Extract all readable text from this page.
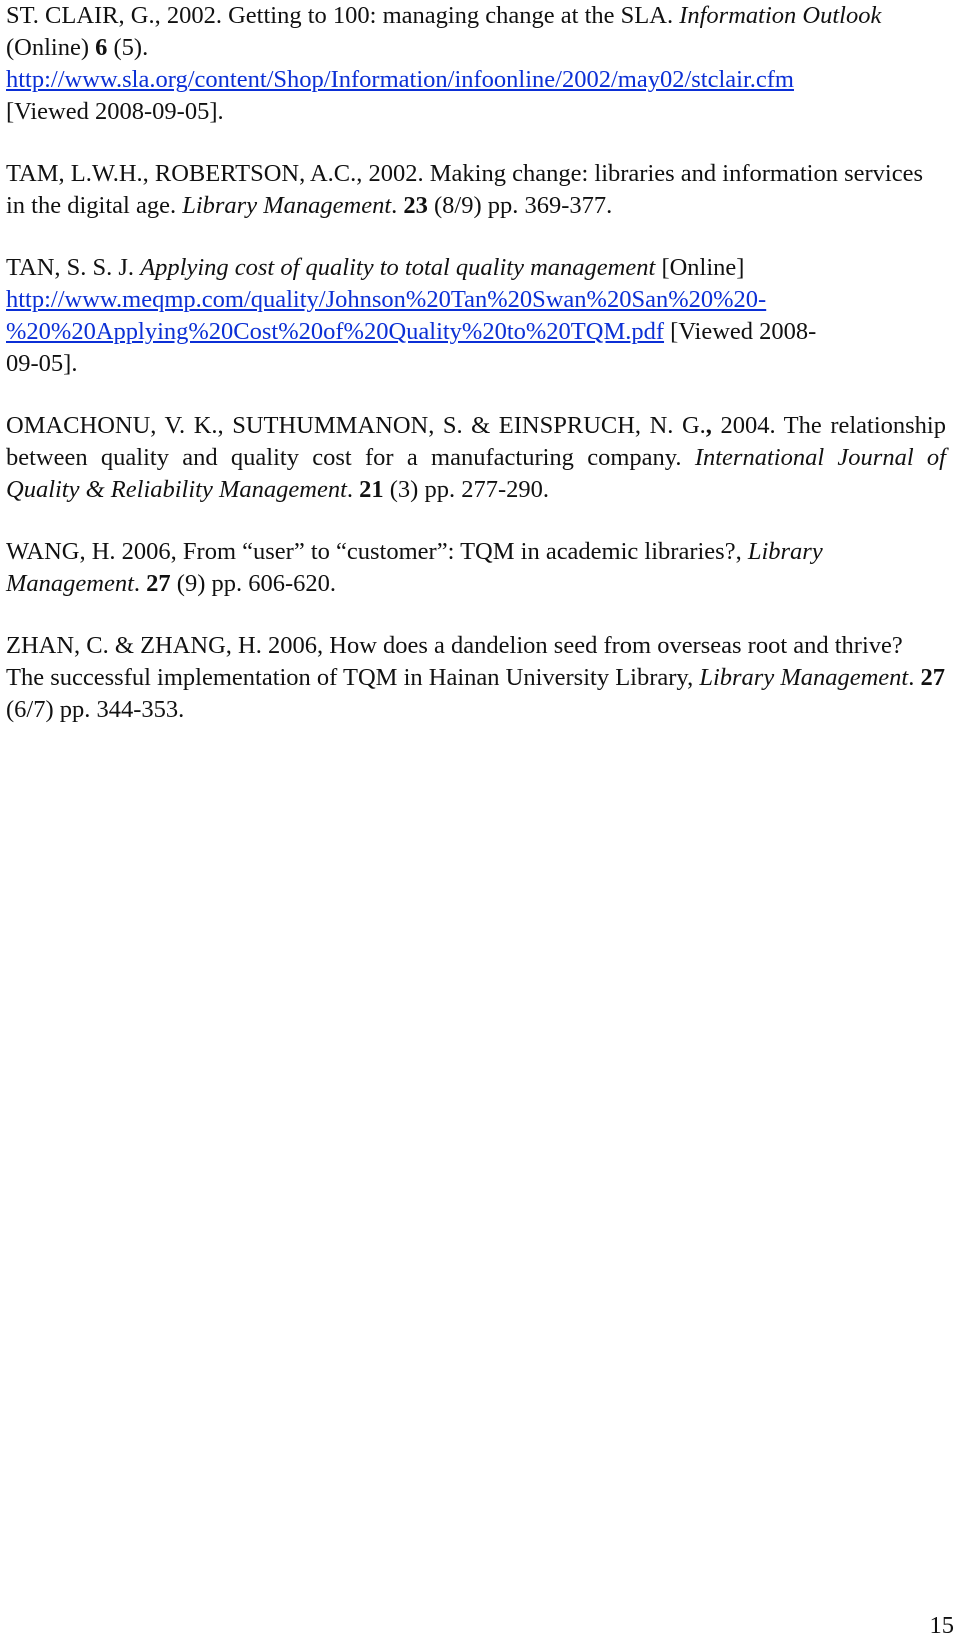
ST. CLAIR, G., 2002. Getting to 100: managing change at the SLA. Information Outlook (Online) 6 (5).
http://www.sla.org/content/Shop/Information/infoonline/2002/may02/stclair.cfm
[Viewed 2008-09-05].

TAM, L.W.H., ROBERTSON, A.C., 2002. Making change: libraries and information services in the digital age. Library Management. 23 (8/9) pp. 369-377.

TAN, S. S. J. Applying cost of quality to total quality management [Online]
http://www.meqmp.com/quality/Johnson%20Tan%20Swan%20San%20%20-
%20%20Applying%20Cost%20of%20Quality%20to%20TQM.pdf [Viewed 2008-
09-05].

OMACHONU, V. K., SUTHUMMANON, S. & EINSPRUCH, N. G., 2004. The relationship between quality and quality cost for a manufacturing company. International Journal of Quality & Reliability Management. 21 (3) pp. 277-290.

WANG, H. 2006, From “user” to “customer”: TQM in academic libraries?, Library Management. 27 (9) pp. 606-620.

ZHAN, C. & ZHANG, H. 2006, How does a dandelion seed from overseas root and thrive? The successful implementation of TQM in Hainan University Library, Library Management. 27 (6/7) pp. 344-353.

15
